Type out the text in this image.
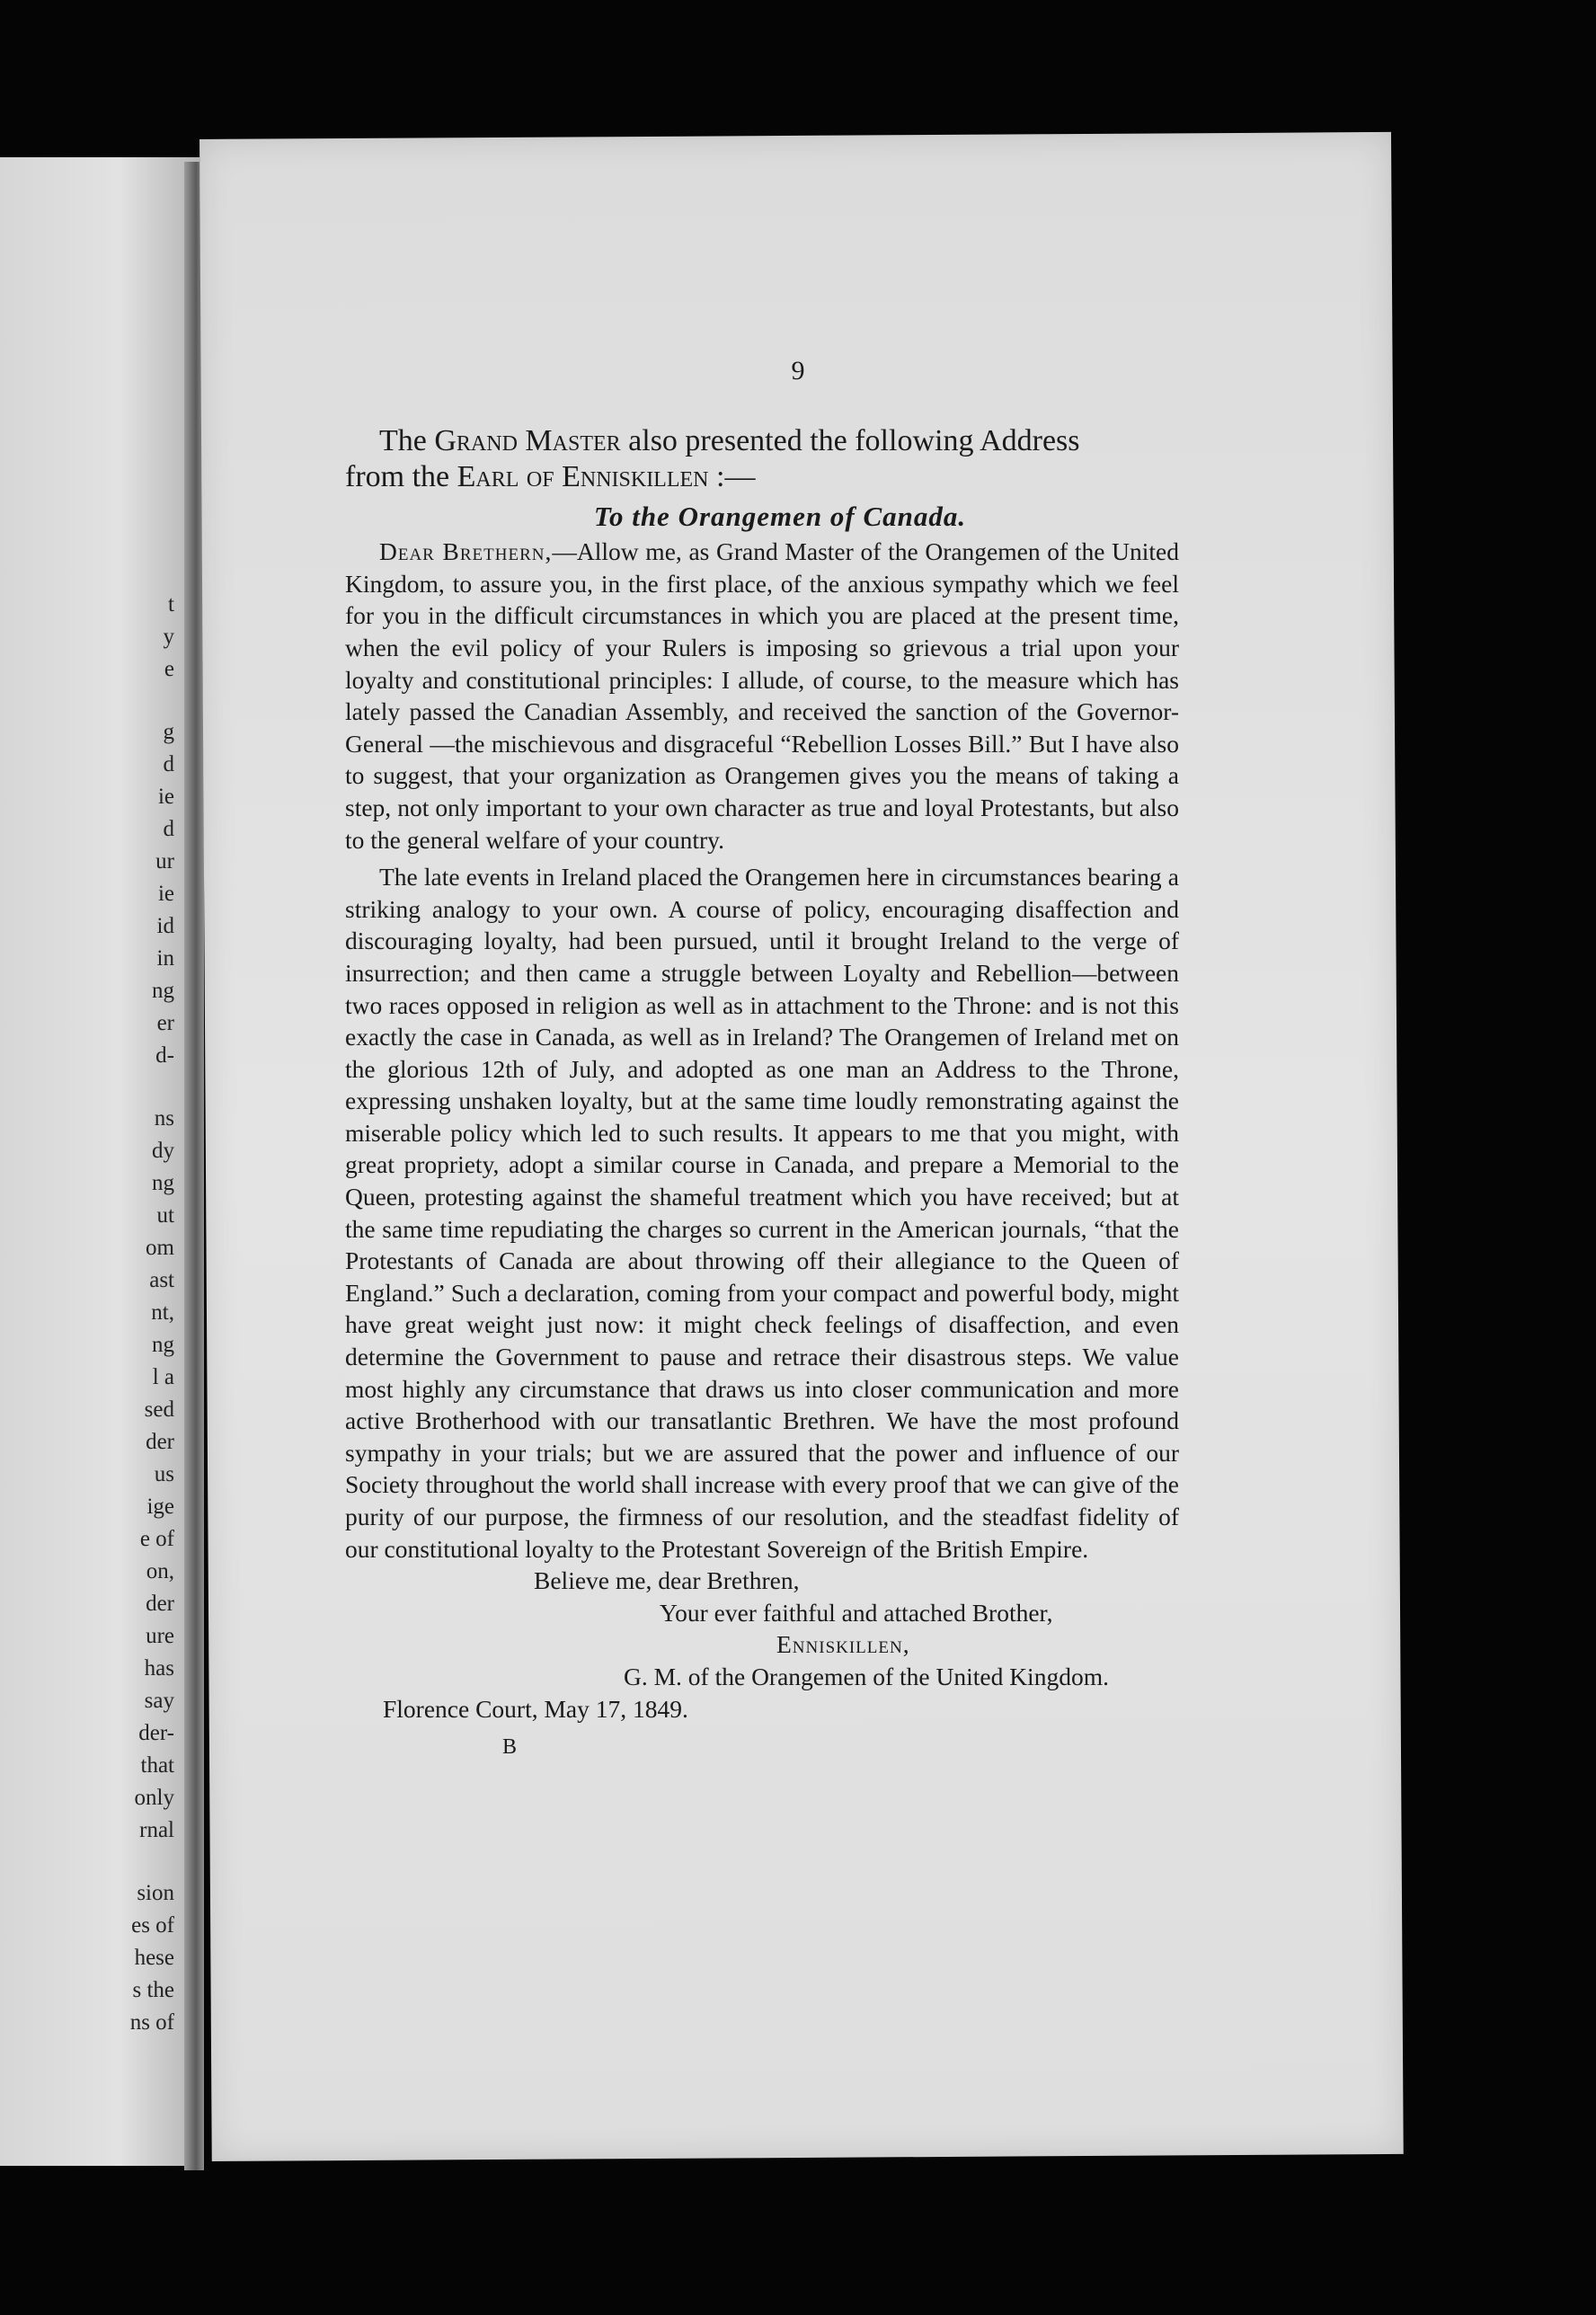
t
y
e
g
d
ie
d
ur
ie
id
in
ng
er
d-
ns
dy
ng
ut
om
ast
nt,
ng
l a
sed
der
us
ige
e of
on,
der
ure
has
say
der-
that
only
rnal
sion
es of
hese
s the
ns of
9
The Grand Master also presented the following Address
from the Earl of Enniskillen :—
To the Orangemen of Canada.

Dear Brethern,—Allow me, as Grand Master of the Orangemen of the United Kingdom, to assure you, in the first place, of the anxious sympathy which we feel for you in the difficult circumstances in which you are placed at the present time, when the evil policy of your Rulers is imposing so grievous a trial upon your loyalty and constitutional principles: I allude, of course, to the measure which has lately passed the Canadian Assembly, and received the sanction of the Governor-General —the mischievous and disgraceful “Rebellion Losses Bill.” But I have also to suggest, that your organization as Orangemen gives you the means of taking a step, not only important to your own character as true and loyal Protestants, but also to the general welfare of your country.

The late events in Ireland placed the Orangemen here in circumstances bearing a striking analogy to your own. A course of policy, encouraging disaffection and discouraging loyalty, had been pursued, until it brought Ireland to the verge of insurrection; and then came a struggle between Loyalty and Rebellion—between two races opposed in religion as well as in attachment to the Throne: and is not this exactly the case in Canada, as well as in Ireland? The Orangemen of Ireland met on the glorious 12th of July, and adopted as one man an Address to the Throne, expressing unshaken loyalty, but at the same time loudly remonstrating against the miserable policy which led to such results. It appears to me that you might, with great propriety, adopt a similar course in Canada, and prepare a Memorial to the Queen, protesting against the shameful treatment which you have received; but at the same time repudiating the charges so current in the American journals, “that the Protestants of Canada are about throwing off their allegiance to the Queen of England.” Such a declaration, coming from your compact and powerful body, might have great weight just now: it might check feelings of disaffection, and even determine the Government to pause and retrace their disastrous steps. We value most highly any circumstance that draws us into closer communication and more active Brotherhood with our transatlantic Brethren. We have the most profound sympathy in your trials; but we are assured that the power and influence of our Society throughout the world shall increase with every proof that we can give of the purity of our purpose, the firmness of our resolution, and the steadfast fidelity of our constitutional loyalty to the Protestant Sovereign of the British Empire.

Believe me, dear Brethren,
Your ever faithful and attached Brother,
Enniskillen,
G. M. of the Orangemen of the United Kingdom.
Florence Court, May 17, 1849.
B
